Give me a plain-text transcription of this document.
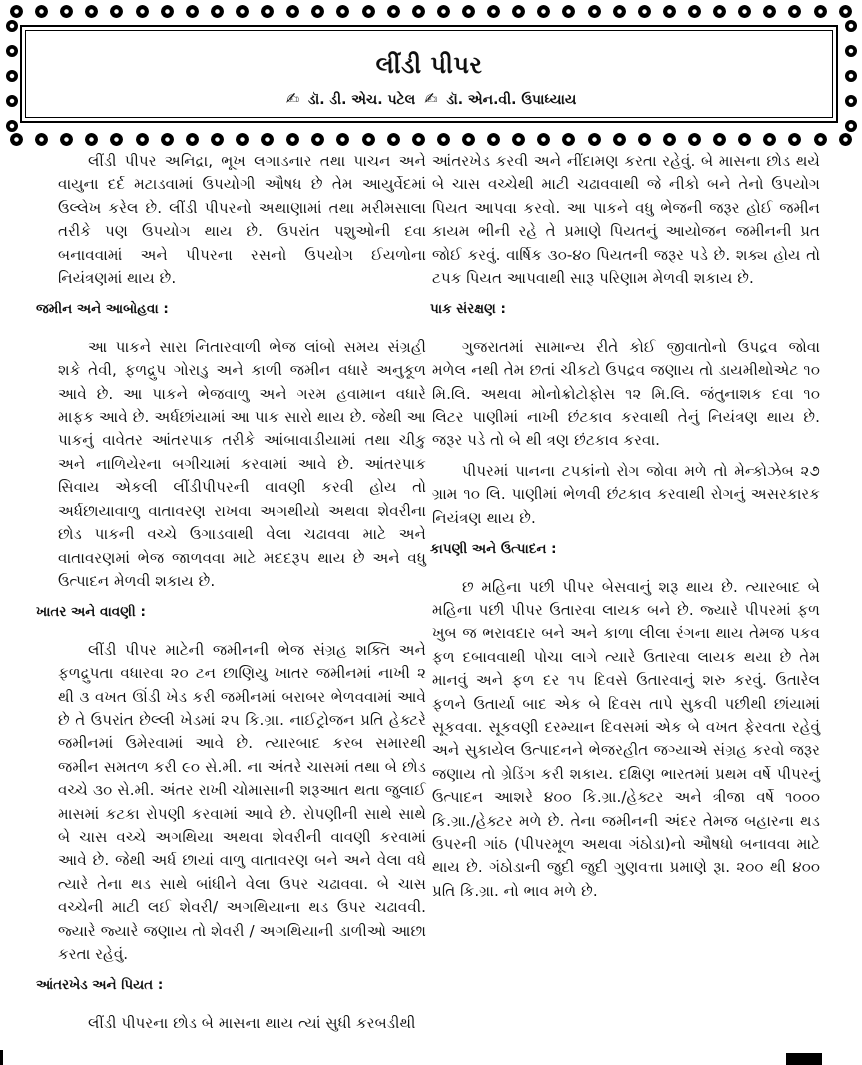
લીંડી પીપર
✍ ડૉ. ડી. એચ. પટેલ ✍ ડૉ. એન.વી. ઉપાધ્યાય

લીંડી પીપર અનિદ્રા, ભૂખ લગાડનાર તથા પાચન અને વાયુના દર્દ મટાડવામાં ઉપયોગી ઔષધ છે તેમ આયુર્વેદમાં ઉલ્લેખ કરેલ છે. લીંડી પીપરનો અથાણામાં તથા મરીમસાલા તરીકે પણ ઉપયોગ થાય છે. ઉપરાંત પશુઓની દવા બનાવવામાં અને પીપરના રસનો ઉપયોગ ઈયળોના નિયંત્રણમાં થાય છે.

જમીન અને આબોહવા :

આ પાકને સારા નિતારવાળી ભેજ લાંબો સમય સંગ્રહી શકે તેવી, ફળદ્રુપ ગોરાડુ અને કાળી જમીન વધારે અનુકૂળ આવે છે. આ પાકને ભેજવાળુ અને ગરમ હવામાન વધારે માફક આવે છે. અર્ધછાંયામાં આ પાક સારો થાય છે. જેથી આ પાકનું વાવેતર આંતરપાક તરીકે આંબાવાડીયામાં તથા ચીકુ અને નાળિયેરના બગીચામાં કરવામાં આવે છે. આંતરપાક સિવાય એકલી લીંડીપીપરની વાવણી કરવી હોય તો અર્ધછાયાવાળુ વાતાવરણ રાખવા અગથીયો અથવા શેવરીના છોડ પાકની વચ્ચે ઉગાડવાથી વેલા ચઢાવવા માટે અને વાતાવરણમાં ભેજ જાળવવા માટે મદદરૂપ થાય છે અને વધુ ઉત્પાદન મેળવી શકાય છે.

ખાતર અને વાવણી :

લીંડી પીપર માટેની જમીનની ભેજ સંગ્રહ શક્તિ અને ફળદ્રુપતા વધારવા ૨૦ ટન છાણિયુ ખાતર જમીનમાં નાખી ૨ થી ૩ વખત ઊંડી ખેડ કરી જમીનમાં બરાબર ભેળવવામાં આવે છે તે ઉપરાંત છેલ્લી ખેડમાં ૨૫ કિ.ગ્રા. નાઈટ્રોજન પ્રતિ હેક્ટરે જમીનમાં ઉમેરવામાં આવે છે. ત્યારબાદ કરબ સમારથી જમીન સમતળ કરી ૯૦ સે.મી. ના અંતરે ચાસમાં તથા બે છોડ વચ્ચે ૩૦ સે.મી. અંતર રાખી ચોમાસાની શરૂઆત થતા જુલાઈ માસમાં કટકા રોપણી કરવામાં આવે છે. રોપણીની સાથે સાથે બે ચાસ વચ્ચે અગથિયા અથવા શેવરીની વાવણી કરવામાં આવે છે. જેથી અર્ધ છાયાં વાળુ વાતાવરણ બને અને વેલા વધે ત્યારે તેના થડ સાથે બાંધીને વેલા ઉપર ચઢાવવા. બે ચાસ વચ્ચેની માટી લઈ શેવરી/ અગથિયાના થડ ઉપર ચઢાવવી. જ્યારે જ્યારે જણાય તો શેવરી / અગથિયાની ડાળીઓ આછા કરતા રહેવું.

આંતરખેડ અને પિયત :

લીંડી પીપરના છોડ બે માસના થાય ત્યાં સુધી કરબડીથી

આંતરખેડ કરવી અને નીંદામણ કરતા રહેવું. બે માસના છોડ થયે બે ચાસ વચ્ચેથી માટી ચઢાવવાથી જે નીકો બને તેનો ઉપયોગ પિયત આપવા કરવો. આ પાકને વધુ ભેજની જરૂર હોઈ જમીન કાયમ ભીની રહે તે પ્રમાણે પિયતનું આયોજન જમીનની પ્રત જોઈ કરવું. વાર્ષિક ૩૦-૪૦ પિયતની જરૂર પડે છે. શક્ય હોય તો ટપક પિયત આપવાથી સારૂ પરિણામ મેળવી શકાય છે.

પાક સંરક્ષણ :

ગુજરાતમાં સામાન્ય રીતે કોઈ જીવાતોનો ઉપદ્રવ જોવા મળેલ નથી તેમ છતાં ચીકટો ઉપદ્રવ જણાય તો ડાયમીથોએટ ૧૦ મિ.લિ. અથવા મોનોક્રોટોફોસ ૧૨ મિ.લિ. જંતુનાશક દવા ૧૦ લિટર પાણીમાં નાખી છંટકાવ કરવાથી તેનું નિયંત્રણ થાય છે. જરૂર પડે તો બે થી ત્રણ છંટકાવ કરવા.

પીપરમાં પાનના ટપકાંનો રોગ જોવા મળે તો મેન્કોઝેબ ૨૭ ગ્રામ ૧૦ લિ. પાણીમાં ભેળવી છંટકાવ કરવાથી રોગનું અસરકારક નિયંત્રણ થાય છે.

કાપણી અને ઉત્પાદન :

છ મહિના પછી પીપર બેસવાનું શરૂ થાય છે. ત્યારબાદ બે મહિના પછી પીપર ઉતારવા લાયક બને છે. જ્યારે પીપરમાં ફળ ખુબ જ ભરાવદાર બને અને કાળા લીલા રંગના થાય તેમજ પકવ ફળ દબાવવાથી પોચા લાગે ત્યારે ઉતારવા લાયક થયા છે તેમ માનવું અને ફળ દર ૧૫ દિવસે ઉતારવાનું શરુ કરવું. ઉતારેલ ફળને ઉતાર્યા બાદ એક બે દિવસ તાપે સુકવી પછીથી છાંયામાં સૂકવવા. સૂકવણી દરમ્યાન દિવસમાં એક બે વખત ફેરવતા રહેવું અને સુકાયેલ ઉત્પાદનને ભેજરહીત જગ્યાએ સંગ્રહ કરવો જરૂર જણાય તો ગ્રેડિંગ કરી શકાય. દક્ષિણ ભારતમાં પ્રથમ વર્ષે પીપરનું ઉત્પાદન આશરે ૪૦૦ કિ.ગ્રા./હેક્ટર અને ત્રીજા વર્ષે ૧૦૦૦ કિ.ગ્રા./હેક્ટર મળે છે. તેના જમીનની અંદર તેમજ બહારના થડ ઉપરની ગાંઠ (પીપરમૂળ અથવા ગંઠોડા)નો ઔષધો બનાવવા માટે થાય છે. ગંઠોડાની જુદી જુદી ગુણવત્તા પ્રમાણે રૂા. ૨૦૦ થી ૪૦૦ પ્રતિ કિ.ગ્રા. નો ભાવ મળે છે.
